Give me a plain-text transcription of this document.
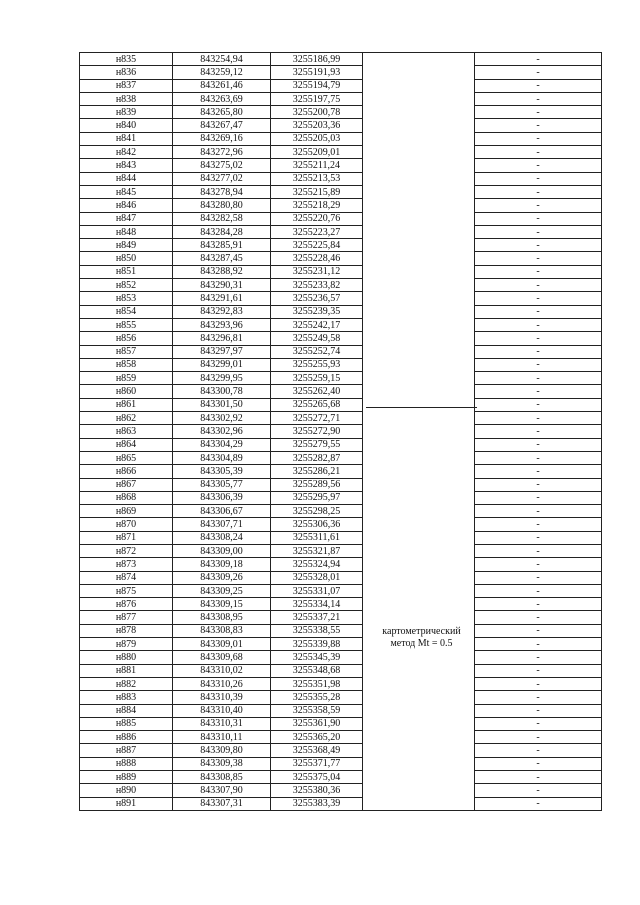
н835	843254,94	3255186,99		-
н836	843259,12	3255191,93		-
н837	843261,46	3255194,79		-
н838	843263,69	3255197,75		-
н839	843265,80	3255200,78		-
н840	843267,47	3255203,36		-
н841	843269,16	3255205,03		-
н842	843272,96	3255209,01		-
н843	843275,02	3255211,24		-
н844	843277,02	3255213,53		-
н845	843278,94	3255215,89		-
н846	843280,80	3255218,29		-
н847	843282,58	3255220,76		-
н848	843284,28	3255223,27		-
н849	843285,91	3255225,84		-
н850	843287,45	3255228,46		-
н851	843288,92	3255231,12		-
н852	843290,31	3255233,82		-
н853	843291,61	3255236,57		-
н854	843292,83	3255239,35		-
н855	843293,96	3255242,17		-
н856	843296,81	3255249,58		-
н857	843297,97	3255252,74		-
н858	843299,01	3255255,93		-
н859	843299,95	3255259,15		-
н860	843300,78	3255262,40		-
н861	843301,50	3255265,68		-
н862	843302,92	3255272,71		-
н863	843302,96	3255272,90		-
н864	843304,29	3255279,55		-
н865	843304,89	3255282,87		-
н866	843305,39	3255286,21		-
н867	843305,77	3255289,56		-
н868	843306,39	3255295,97		-
н869	843306,67	3255298,25		-
н870	843307,71	3255306,36		-
н871	843308,24	3255311,61		-
н872	843309,00	3255321,87		-
н873	843309,18	3255324,94		-
н874	843309,26	3255328,01		-
н875	843309,25	3255331,07		-
н876	843309,15	3255334,14		-
н877	843308,95	3255337,21		-
н878	843308,83	3255338,55		-
н879	843309,01	3255339,88		-
н880	843309,68	3255345,39		-
н881	843310,02	3255348,68		-
н882	843310,26	3255351,98		-
н883	843310,39	3255355,28		-
н884	843310,40	3255358,59		-
н885	843310,31	3255361,90		-
н886	843310,11	3255365,20		-
н887	843309,80	3255368,49		-
н888	843309,38	3255371,77		-
н889	843308,85	3255375,04		-
н890	843307,90	3255380,36		-
н891	843307,31	3255383,39		-
картометрический
метод Mt = 0.5
